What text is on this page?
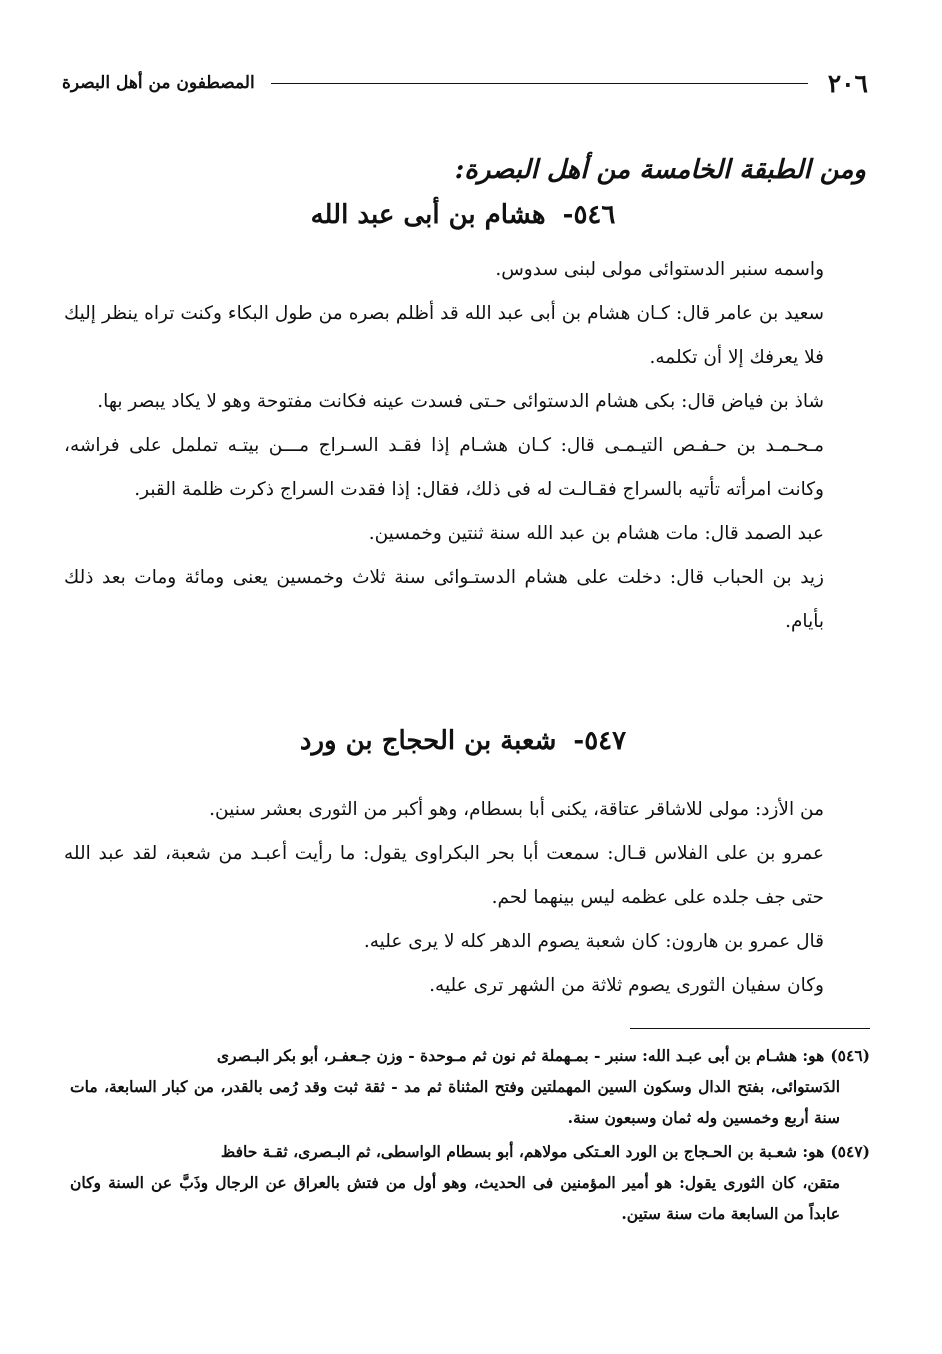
٢٠٦
المصطفون من أهل البصرة
ومن الطبقة الخامسة من أهل البصرة:
٥٤٦- هشام بن أبى عبد الله

واسمه سنبر الدستوائى مولى لبنى سدوس.

سعيد بن عامر قال: كـان هشام بن أبى عبد الله قد أظلم بصره من طول البكاء وكنت تراه ينظر إليك فلا يعرفك إلا أن تكلمه.

شاذ بن فياض قال: بكى هشام الدستوائى حـتى فسدت عينه فكانت مفتوحة وهو لا يكاد يبصر بها.

مـحـمـد بن حـفـص التيـمـى قال: كـان هشـام إذا فقـد السـراج مـــن بيتـه تململ على فراشه، وكانت امرأته تأتيه بالسراج فقـالـت له فى ذلك، فقال: إذا فقدت السراج ذكرت ظلمة القبر.

عبد الصمد قال: مات هشام بن عبد الله سنة ثنتين وخمسين.

زيد بن الحباب قال: دخلت على هشام الدستـوائى سنة ثلاث وخمسين يعنى ومائة ومات بعد ذلك بأيام.

٥٤٧- شعبة بن الحجاج بن ورد

من الأزد: مولى للاشاقر عتاقة، يكنى أبا بسطام، وهو أكبر من الثورى بعشر سنين.

عمرو بن على الفلاس قـال: سمعت أبا بحر البكراوى يقول: ما رأيت أعبـد من شعبة، لقد عبد الله حتى جف جلده على عظمه ليس بينهما لحم.

قال عمرو بن هارون: كان شعبة يصوم الدهر كله لا يرى عليه.

وكان سفيان الثورى يصوم ثلاثة من الشهر ترى عليه.

(٥٤٦)هو: هشـام بن أبى عبـد الله: سنبر - بمـهملة ثم نون ثم مـوحدة - وزن جـعفـر، أبو بكر البـصرى
الدَستوائى، بفتح الدال وسكون السين المهملتين وفتح المثناة ثم مد - ثقة ثبت وقد رُمى بالقدر، من كبار السابعة، مات سنة أربع وخمسين وله ثمان وسبعون سنة.

(٥٤٧)هو: شعـبة بن الحـجاج بن الورد العـتكى مولاهم، أبو بسطام الواسطى، ثم البـصرى، ثقـة حافظ
متقن، كان الثورى يقول: هو أمير المؤمنين فى الحديث، وهو أول من فتش بالعراق عن الرجال وذَبَّ عن السنة وكان عابداً من السابعة مات سنة ستين.
